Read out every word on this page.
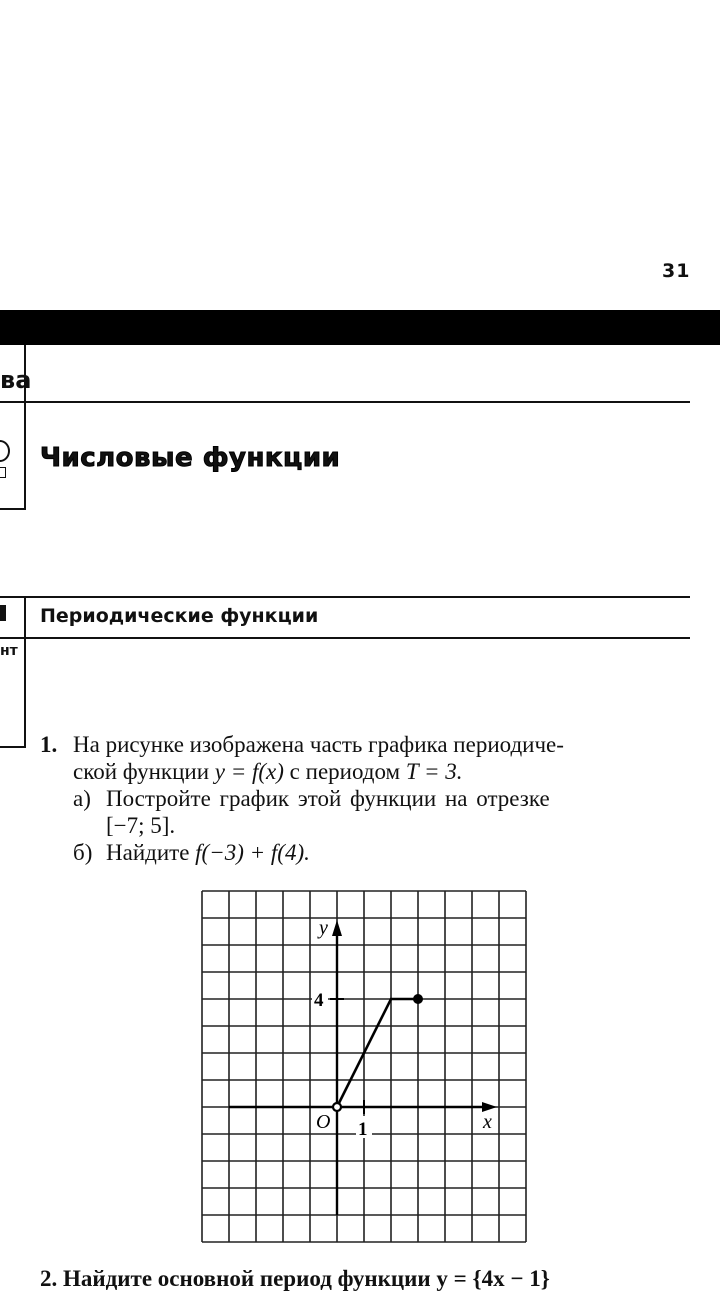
31
ва
Числовые функции
Периодические функции
нт
1. На рисунке изображена часть графика периодиче-
ской функции y = f(x) с периодом T = 3.
а) Постройте график этой функции на отрезке
[−7; 5].
б) Найдите f(−3) + f(4).
4
1
O	x
y
2. Найдите основной период функции y = {4x − 1}
